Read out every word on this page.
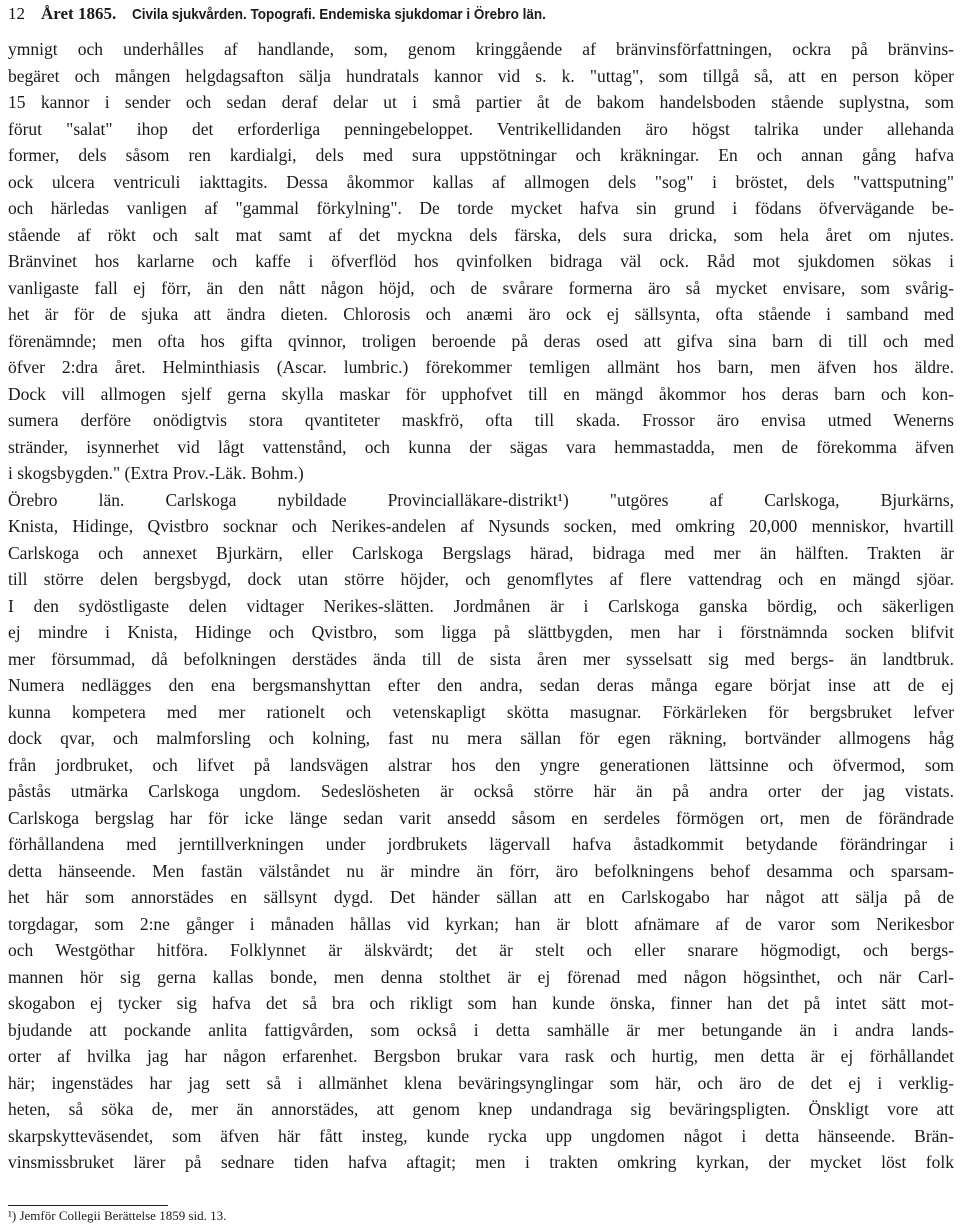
12 Året 1865. Civila sjukvården. Topografi. Endemiska sjukdomar i Örebro län.
ymnigt och underhålles af handlande, som, genom kringgående af bränvinsförfattningen, ockra på bränvins-
begäret och mången helgdagsafton sälja hundratals kannor vid s. k. "uttag", som tillgå så, att en person köper
15 kannor i sender och sedan deraf delar ut i små partier åt de bakom handelsboden stående suplystna, som
förut "salat" ihop det erforderliga penningebeloppet. Ventrikellidanden äro högst talrika under allehanda
former, dels såsom ren kardialgi, dels med sura uppstötningar och kräkningar. En och annan gång hafva
ock ulcera ventriculi iakttagits. Dessa åkommor kallas af allmogen dels "sog" i bröstet, dels "vattsputning"
och härledas vanligen af "gammal förkylning". De torde mycket hafva sin grund i födans öfvervägande be-
stående af rökt och salt mat samt af det myckna dels färska, dels sura dricka, som hela året om njutes.
Bränvinet hos karlarne och kaffe i öfverflöd hos qvinfolken bidraga väl ock. Råd mot sjukdomen sökas i
vanligaste fall ej förr, än den nått någon höjd, och de svårare formerna äro så mycket envisare, som svårig-
het är för de sjuka att ändra dieten. Chlorosis och anæmi äro ock ej sällsynta, ofta stående i samband med
förenämnde; men ofta hos gifta qvinnor, troligen beroende på deras osed att gifva sina barn di till och med
öfver 2:dra året. Helminthiasis (Ascar. lumbric.) förekommer temligen allmänt hos barn, men äfven hos äldre.
Dock vill allmogen sjelf gerna skylla maskar för upphofvet till en mängd åkommor hos deras barn och kon-
sumera derföre onödigtvis stora qvantiteter maskfrö, ofta till skada. Frossor äro envisa utmed Wenerns
stränder, isynnerhet vid lågt vattenstånd, och kunna der sägas vara hemmastadda, men de förekomma äfven
i skogsbygden." (Extra Prov.-Läk. Bohm.)
Örebro län. Carlskoga nybildade Provincialläkare-distrikt¹) "utgöres af Carlskoga, Bjurkärns,
Knista, Hidinge, Qvistbro socknar och Nerikes-andelen af Nysunds socken, med omkring 20,000 menniskor, hvartill
Carlskoga och annexet Bjurkärn, eller Carlskoga Bergslags härad, bidraga med mer än hälften. Trakten är
till större delen bergsbygd, dock utan större höjder, och genomflytes af flere vattendrag och en mängd sjöar.
I den sydöstligaste delen vidtager Nerikes-slätten. Jordmånen är i Carlskoga ganska bördig, och säkerligen
ej mindre i Knista, Hidinge och Qvistbro, som ligga på slättbygden, men har i förstnämnda socken blifvit
mer försummad, då befolkningen derstädes ända till de sista åren mer sysselsatt sig med bergs- än landtbruk.
Numera nedlägges den ena bergsmanshyttan efter den andra, sedan deras många egare börjat inse att de ej
kunna kompetera med mer rationelt och vetenskapligt skötta masugnar. Förkärleken för bergsbruket lefver
dock qvar, och malmforsling och kolning, fast nu mera sällan för egen räkning, bortvänder allmogens håg
från jordbruket, och lifvet på landsvägen alstrar hos den yngre generationen lättsinne och öfvermod, som
påstås utmärka Carlskoga ungdom. Sedeslösheten är också större här än på andra orter der jag vistats.
Carlskoga bergslag har för icke länge sedan varit ansedd såsom en serdeles förmögen ort, men de förändrade
förhållandena med jerntillverkningen under jordbrukets lägervall hafva åstadkommit betydande förändringar i
detta hänseende. Men fastän välståndet nu är mindre än förr, äro befolkningens behof desamma och sparsam-
het här som annorstädes en sällsynt dygd. Det händer sällan att en Carlskogabo har något att sälja på de
torgdagar, som 2:ne gånger i månaden hållas vid kyrkan; han är blott afnämare af de varor som Nerikesbor
och Westgöthar hitföra. Folklynnet är älskvärdt; det är stelt och eller snarare högmodigt, och bergs-
mannen hör sig gerna kallas bonde, men denna stolthet är ej förenad med någon högsinthet, och när Carl-
skogabon ej tycker sig hafva det så bra och rikligt som han kunde önska, finner han det på intet sätt mot-
bjudande att pockande anlita fattigvården, som också i detta samhälle är mer betungande än i andra lands-
orter af hvilka jag har någon erfarenhet. Bergsbon brukar vara rask och hurtig, men detta är ej förhållandet
här; ingenstädes har jag sett så i allmänhet klena beväringsynglingar som här, och äro de det ej i verklig-
heten, så söka de, mer än annorstädes, att genom knep undandraga sig beväringspligten. Önskligt vore att
skarpskytteväsendet, som äfven här fått insteg, kunde rycka upp ungdomen något i detta hänseende. Brän-
vinsmissbruket lärer på sednare tiden hafva aftagit; men i trakten omkring kyrkan, der mycket löst folk
¹) Jemför Collegii Berättelse 1859 sid. 13.
